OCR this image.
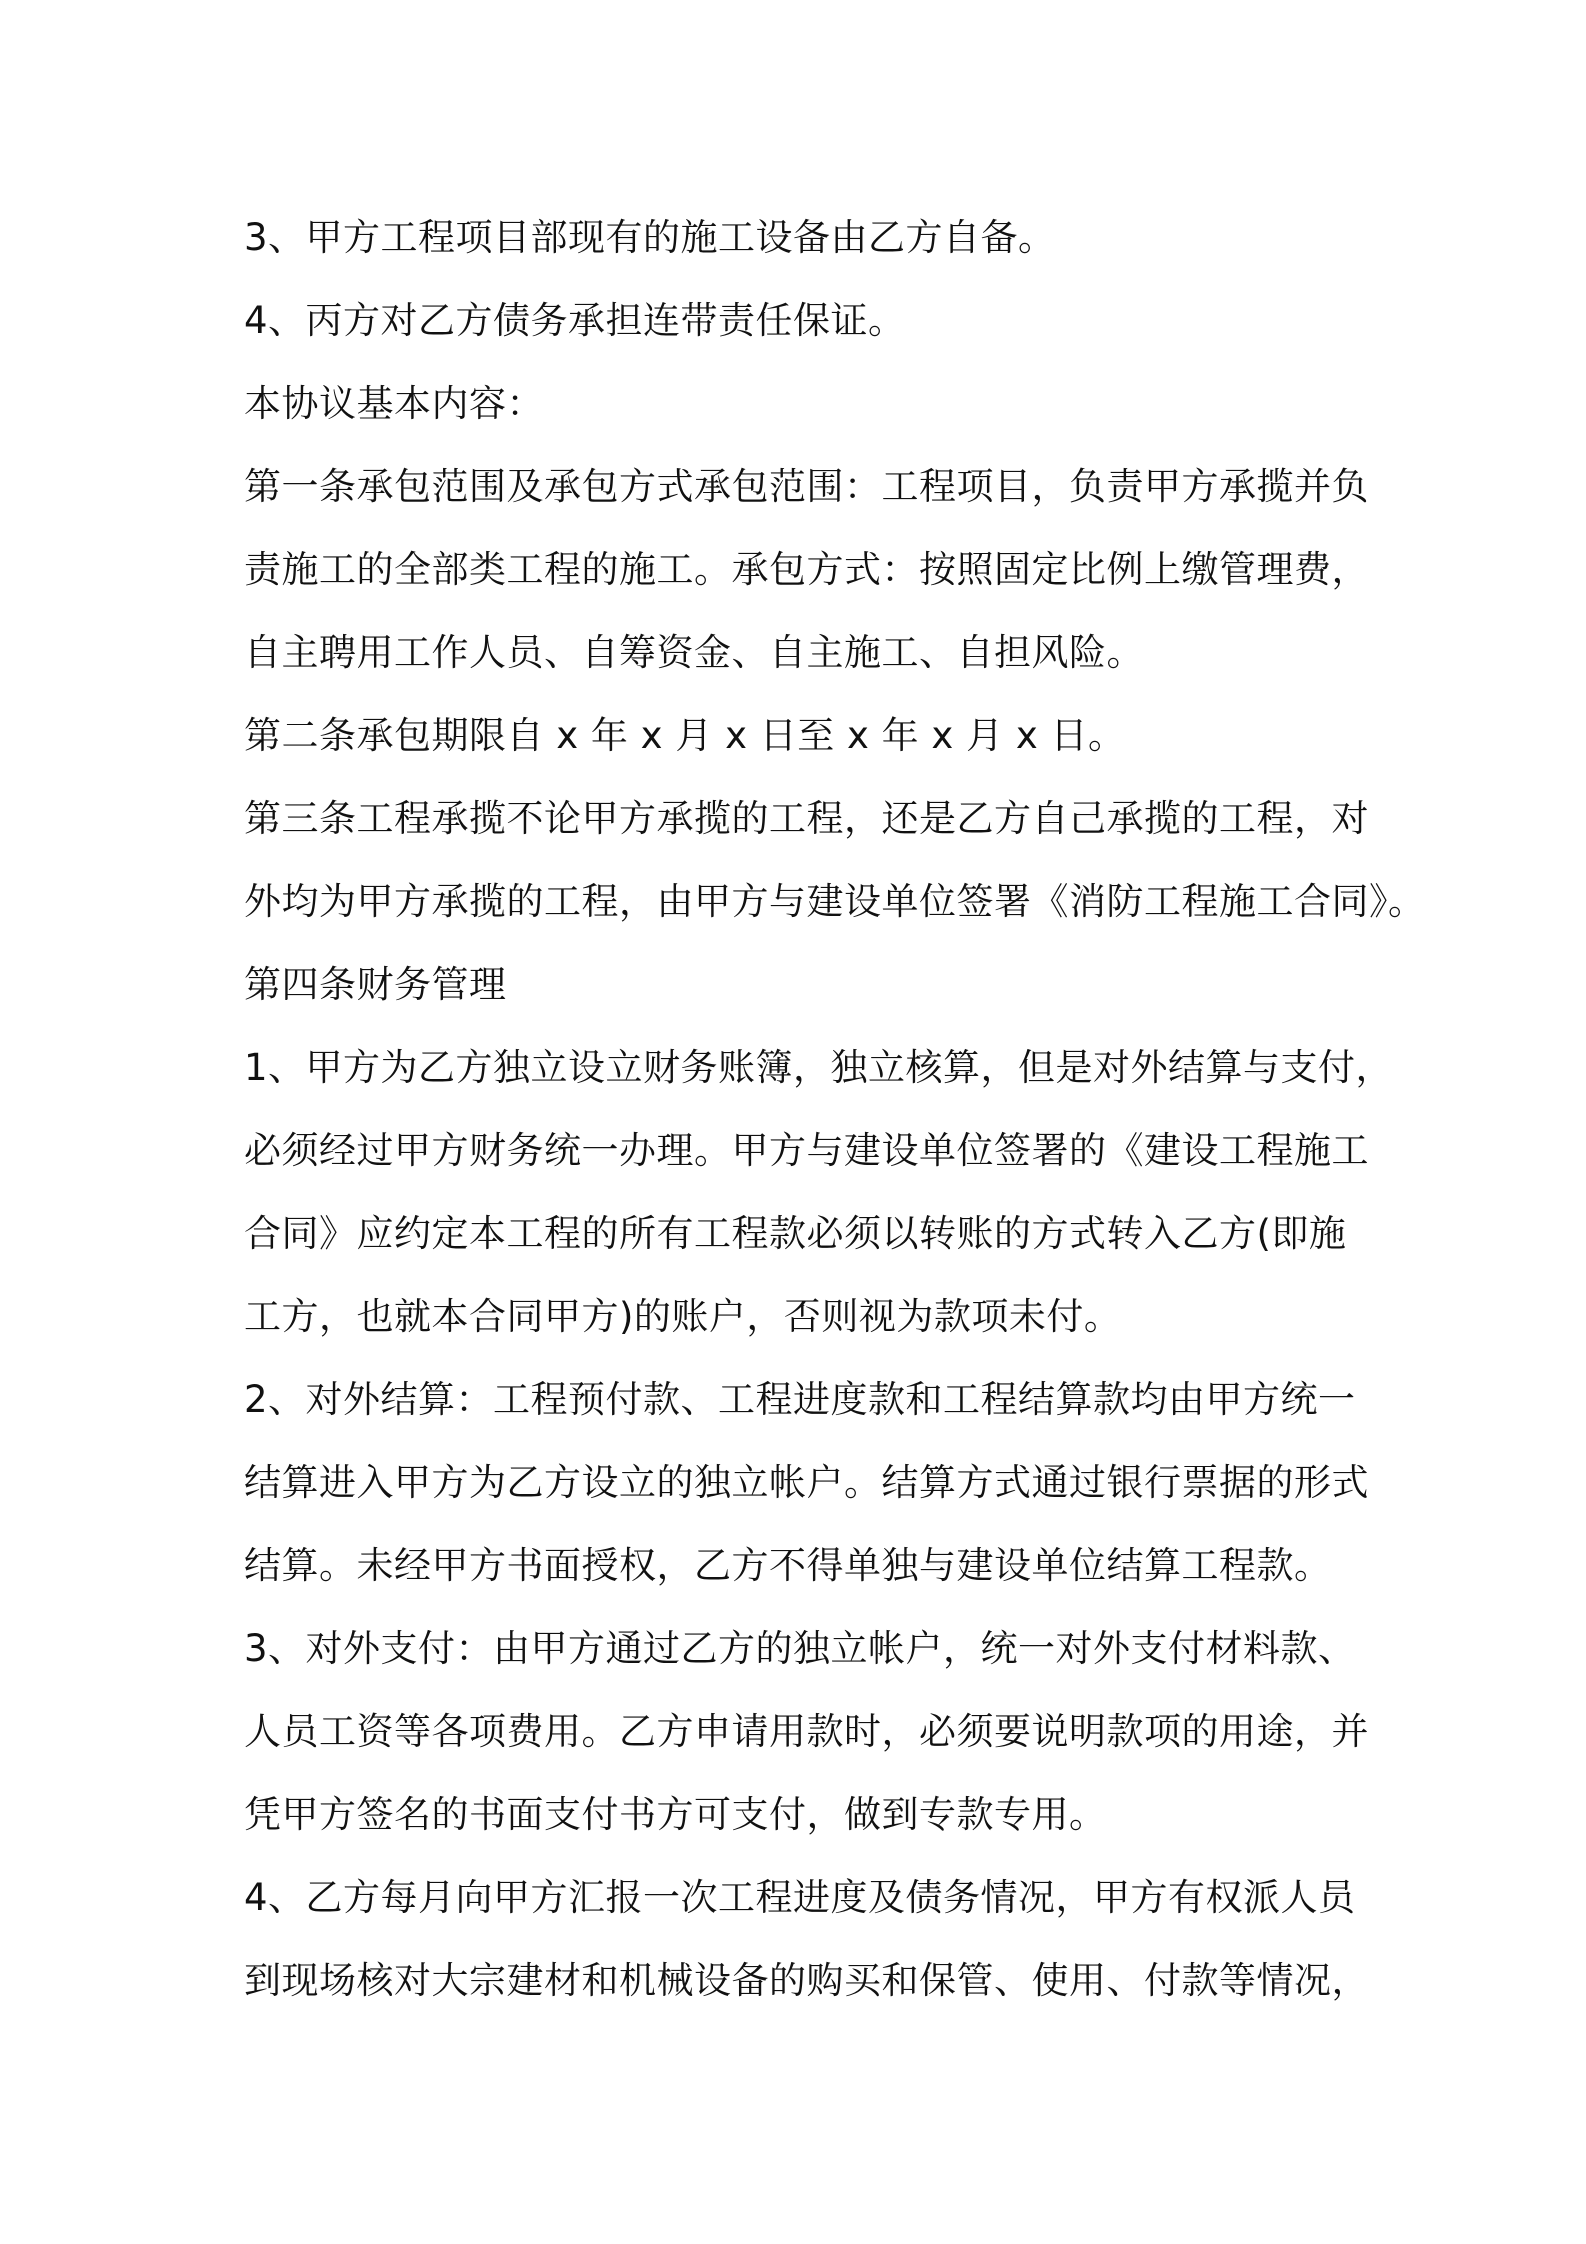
3、甲方工程项目部现有的施工设备由乙方自备。
4、丙方对乙方债务承担连带责任保证。
本协议基本内容：
第一条承包范围及承包方式承包范围：工程项目，负责甲方承揽并负
责施工的全部类工程的施工。承包方式：按照固定比例上缴管理费，
自主聘用工作人员、自筹资金、自主施工、自担风险。
第二条承包期限自 x 年 x 月 x 日至 x 年 x 月 x 日。
第三条工程承揽不论甲方承揽的工程，还是乙方自己承揽的工程，对
外均为甲方承揽的工程，由甲方与建设单位签署《消防工程施工合同》。
第四条财务管理
1、甲方为乙方独立设立财务账簿，独立核算，但是对外结算与支付，
必须经过甲方财务统一办理。甲方与建设单位签署的《建设工程施工
合同》应约定本工程的所有工程款必须以转账的方式转入乙方(即施
工方，也就本合同甲方)的账户，否则视为款项未付。
2、对外结算：工程预付款、工程进度款和工程结算款均由甲方统一
结算进入甲方为乙方设立的独立帐户。结算方式通过银行票据的形式
结算。未经甲方书面授权，乙方不得单独与建设单位结算工程款。
3、对外支付：由甲方通过乙方的独立帐户，统一对外支付材料款、
人员工资等各项费用。乙方申请用款时，必须要说明款项的用途，并
凭甲方签名的书面支付书方可支付，做到专款专用。
4、乙方每月向甲方汇报一次工程进度及债务情况，甲方有权派人员
到现场核对大宗建材和机械设备的购买和保管、使用、付款等情况，
